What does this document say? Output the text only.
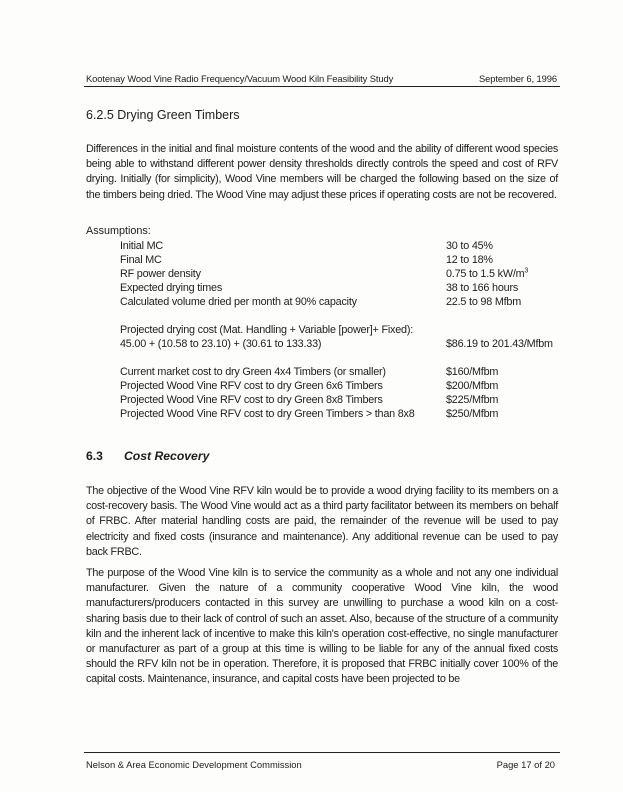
Kootenay Wood Vine Radio Frequency/Vacuum Wood Kiln Feasibility Study	September 6, 1996
6.2.5 Drying Green Timbers
Differences in the initial and final moisture contents of the wood and the ability of different wood species being able to withstand different power density thresholds directly controls the speed and cost of RFV drying. Initially (for simplicity), Wood Vine members will be charged the following based on the size of the timbers being dried. The Wood Vine may adjust these prices if operating costs are not be recovered.
Assumptions:
Initial MC	30 to 45%
Final MC	12 to 18%
RF power density	0.75 to 1.5 $kW/m^3$
Expected drying times	38 to 166 hours
Calculated volume dried per month at 90% capacity	22.5 to 98 Mfbm
Projected drying cost (Mat. Handling + Variable [power]+ Fixed):
45.00 + (10.58 to 23.10) + (30.61 to 133.33)	$86.19 to 201.43/Mfbm
Current market cost to dry Green 4x4 Timbers (or smaller)	$160/Mfbm
Projected Wood Vine RFV cost to dry Green 6x6 Timbers	$200/Mfbm
Projected Wood Vine RFV cost to dry Green 8x8 Timbers	$225/Mfbm
Projected Wood Vine RFV cost to dry Green Timbers > than 8x8	$250/Mfbm
6.3 Cost Recovery
The objective of the Wood Vine RFV kiln would be to provide a wood drying facility to its members on a cost-recovery basis. The Wood Vine would act as a third party facilitator between its members on behalf of FRBC. After material handling costs are paid, the remainder of the revenue will be used to pay electricity and fixed costs (insurance and maintenance). Any additional revenue can be used to pay back FRBC.
The purpose of the Wood Vine kiln is to service the community as a whole and not any one individual manufacturer. Given the nature of a community cooperative Wood Vine kiln, the wood manufacturers/producers contacted in this survey are unwilling to purchase a wood kiln on a cost-sharing basis due to their lack of control of such an asset. Also, because of the structure of a community kiln and the inherent lack of incentive to make this kiln's operation cost-effective, no single manufacturer or manufacturer as part of a group at this time is willing to be liable for any of the annual fixed costs should the RFV kiln not be in operation. Therefore, it is proposed that FRBC initially cover 100% of the capital costs. Maintenance, insurance, and capital costs have been projected to be
Nelson & Area Economic Development Commission	Page 17 of 20
